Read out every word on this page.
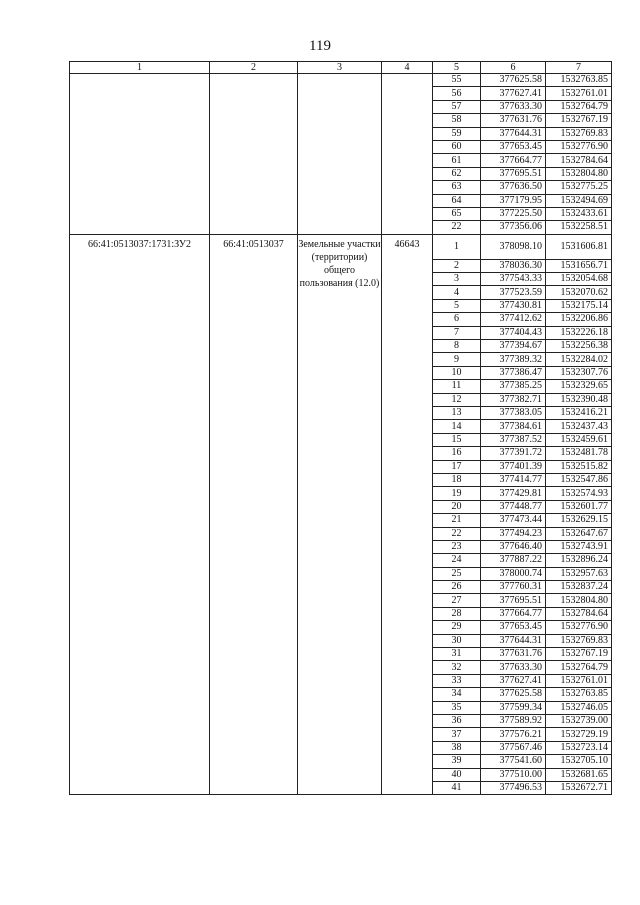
119
1	2	3	4	5	6	7
				55	377625.58	1532763.85
				56	377627.41	1532761.01
				57	377633.30	1532764.79
				58	377631.76	1532767.19
				59	377644.31	1532769.83
				60	377653.45	1532776.90
				61	377664.77	1532784.64
				62	377695.51	1532804.80
				63	377636.50	1532775.25
				64	377179.95	1532494.69
				65	377225.50	1532433.61
				22	377356.06	1532258.51
66:41:0513037:1731:ЗУ2	66:41:0513037	Земельные участки (территории) общего пользования (12.0)	46643	1	378098.10	1531606.81
				2	378036.30	1531656.71
				3	377543.33	1532054.68
				4	377523.59	1532070.62
				5	377430.81	1532175.14
				6	377412.62	1532206.86
				7	377404.43	1532226.18
				8	377394.67	1532256.38
				9	377389.32	1532284.02
				10	377386.47	1532307.76
				11	377385.25	1532329.65
				12	377382.71	1532390.48
				13	377383.05	1532416.21
				14	377384.61	1532437.43
				15	377387.52	1532459.61
				16	377391.72	1532481.78
				17	377401.39	1532515.82
				18	377414.77	1532547.86
				19	377429.81	1532574.93
				20	377448.77	1532601.77
				21	377473.44	1532629.15
				22	377494.23	1532647.67
				23	377646.40	1532743.91
				24	377887.22	1532896.24
				25	378000.74	1532957.63
				26	377760.31	1532837.24
				27	377695.51	1532804.80
				28	377664.77	1532784.64
				29	377653.45	1532776.90
				30	377644.31	1532769.83
				31	377631.76	1532767.19
				32	377633.30	1532764.79
				33	377627.41	1532761.01
				34	377625.58	1532763.85
				35	377599.34	1532746.05
				36	377589.92	1532739.00
				37	377576.21	1532729.19
				38	377567.46	1532723.14
				39	377541.60	1532705.10
				40	377510.00	1532681.65
				41	377496.53	1532672.71
